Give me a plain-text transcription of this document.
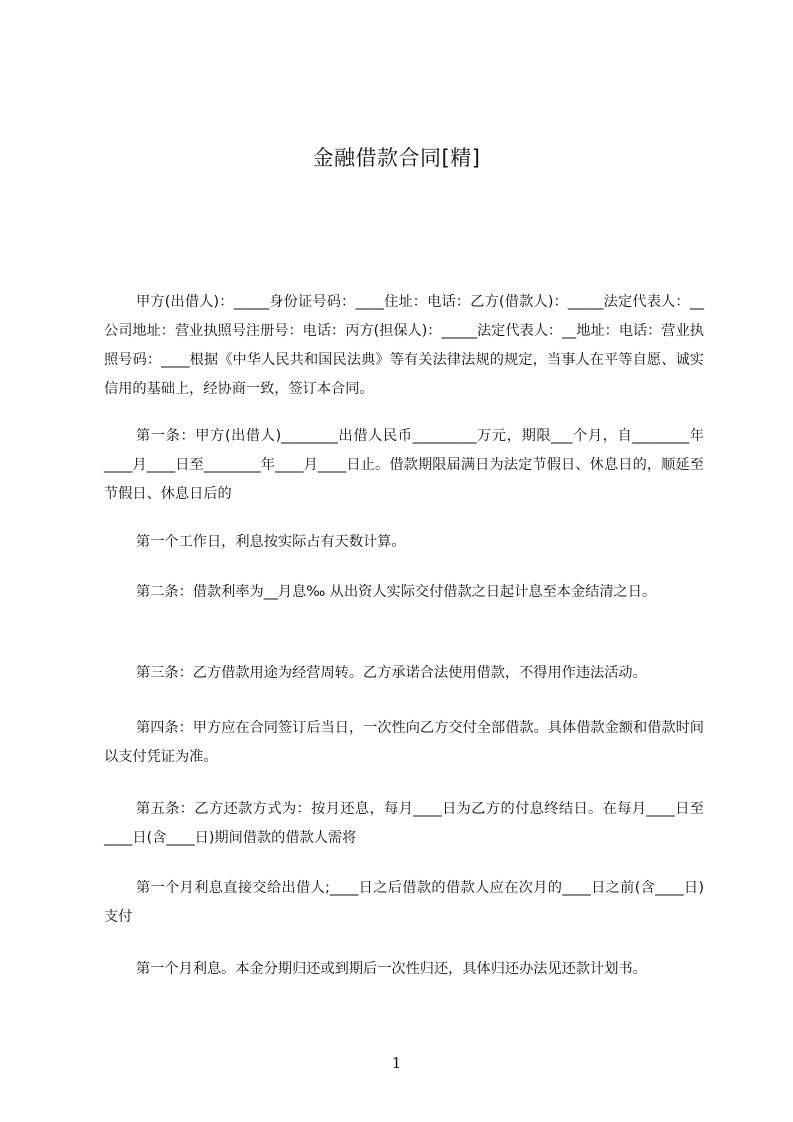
金融借款合同[精]

甲方(出借人)：_____身份证号码：____住址：电话：乙方(借款人)：_____法定代表人：__公司地址：营业执照号注册号：电话：丙方(担保人)：_____法定代表人：__地址：电话：营业执照号码：____根据《中华人民共和国民法典》等有关法律法规的规定，当事人在平等自愿、诚实信用的基础上，经协商一致，签订本合同。

第一条：甲方(出借人)________出借人民币_________万元，期限___个月，自________年____月____日至________年____月____日止。借款期限届满日为法定节假日、休息日的，顺延至节假日、休息日后的

第一个工作日，利息按实际占有天数计算。

第二条：借款利率为__月息‰ 从出资人实际交付借款之日起计息至本金结清之日。

第三条：乙方借款用途为经营周转。乙方承诺合法使用借款，不得用作违法活动。

第四条：甲方应在合同签订后当日，一次性向乙方交付全部借款。具体借款金额和借款时间以支付凭证为准。

第五条：乙方还款方式为：按月还息，每月____日为乙方的付息终结日。在每月____日至____日(含____日)期间借款的借款人需将

第一个月利息直接交给出借人;____日之后借款的借款人应在次月的____日之前(含____日)支付

第一个月利息。本金分期归还或到期后一次性归还，具体归还办法见还款计划书。

1
